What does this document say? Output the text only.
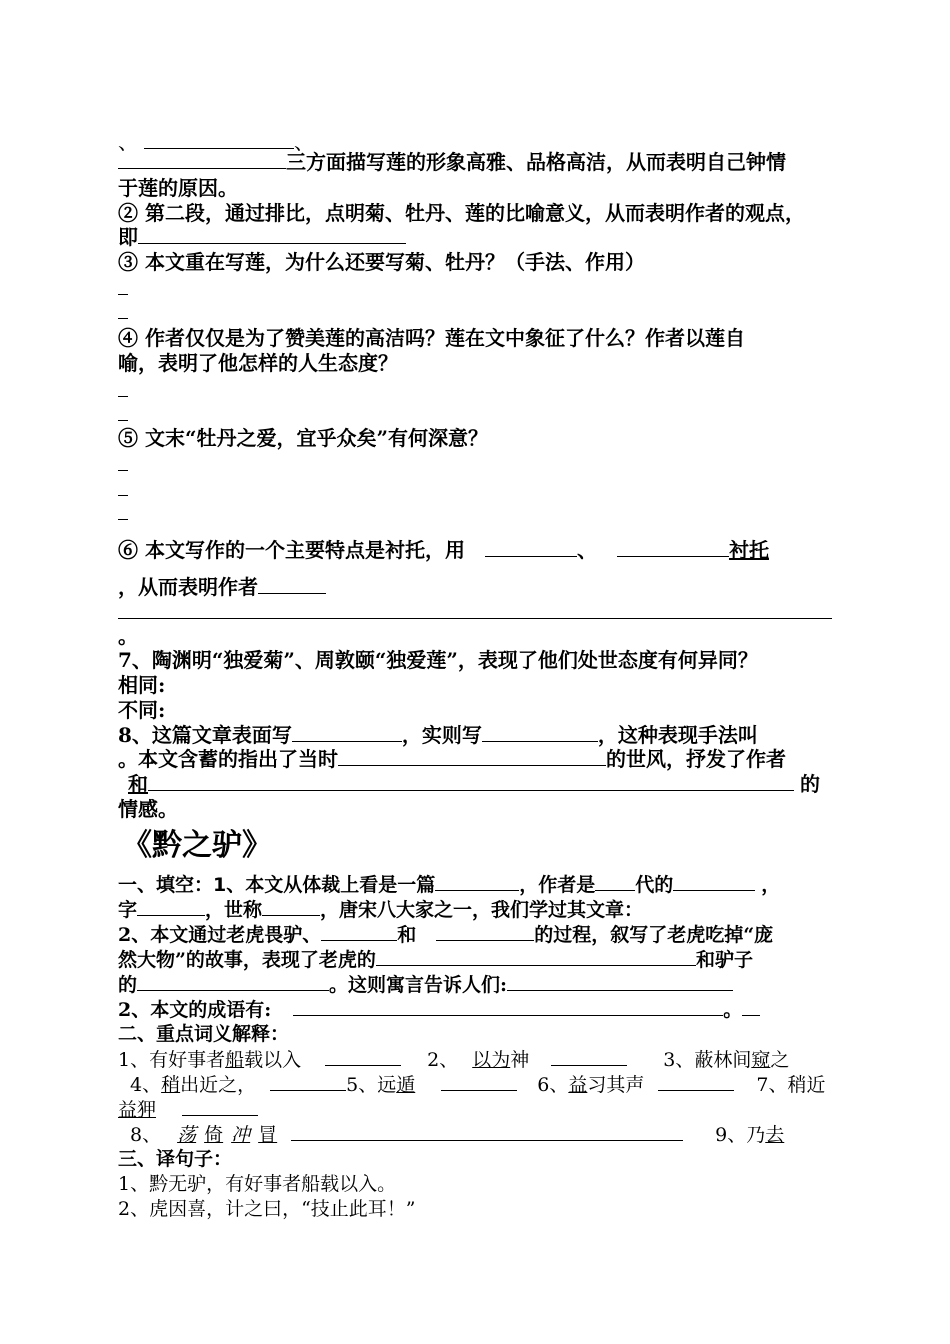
、	、
三方面描写莲的形象高雅、品格高洁，从而表明自己钟情
于莲的原因。
② 第二段，通过排比，点明菊、牡丹、莲的比喻意义，从而表明作者的观点，
即
③ 本文重在写莲，为什么还要写菊、牡丹？（手法、作用）
④ 作者仅仅是为了赞美莲的高洁吗？莲在文中象征了什么？作者以莲自
喻，表明了他怎样的人生态度？
⑤ 文末“牡丹之爱，宜乎众矣”有何深意？
⑥ 本文写作的一个主要特点是衬托，用	、	衬托
，从而表明作者
。
7、陶渊明“独爱菊”、周敦颐“独爱莲”，表现了他们处世态度有何异同？
相同:
不同:
8、这篇文章表面写	，实则写	，这种表现手法叫
。本文含蓄的指出了当时	的世风，抒发了作者
和	的
情感。
《黔之驴》
一、填空：1、本文从体裁上看是一篇	，作者是 代的	，
字	，世称	，唐宋八大家之一，我们学过其文章：
2、本文通过老虎畏驴、	和	的过程，叙写了老虎吃掉“庞
然大物”的故事，表现了老虎的	和驴子
的	。这则寓言告诉人们:
2、本文的成语有:	。
二、重点词义解释：
1、有好事者船载以入	2、 以为神	3、蔽林间窥之
4、稍出近之，	5、远遁	6、益习其声	7、稍近
益狎
8、 荡 倚 冲 冒	9、乃去
三、译句子：
1、黔无驴，有好事者船载以入。
2、虎因喜，计之曰，“技止此耳！”
